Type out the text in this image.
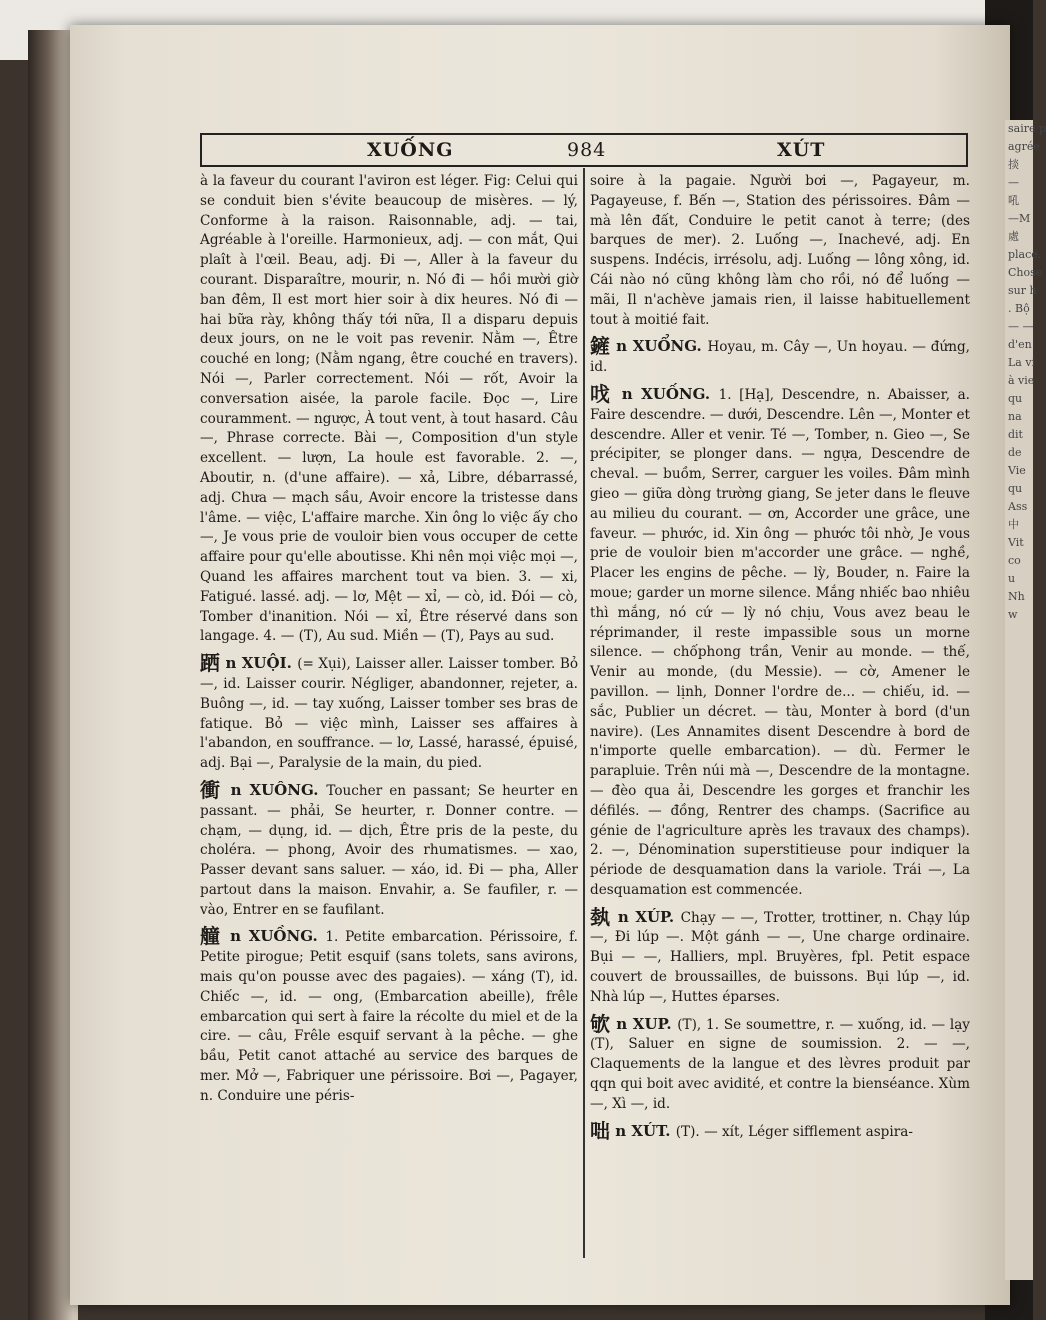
saire p
agrée
掞
—
吼
—M
處
place.
Chose
sur h
. Bộ
— —
d'en
La vi
à vie
qu
na
dit
de
Vie
qu
Ass
中
Vit
co
u
Nh
w
XUỐNG	984	XÚT

à la faveur du courant l'aviron est léger. Fig: Celui qui se conduit bien s'évite beaucoup de misères. — lý, Conforme à la raison. Raisonnable, adj. — tai, Agréable à l'oreille. Harmonieux, adj. — con mắt, Qui plaît à l'œil. Beau, adj. Đi —, Aller à la faveur du courant. Disparaître, mourir, n. Nó đi — hồi mười giờ ban đêm, Il est mort hier soir à dix heures. Nó đi — hai bữa rày, không thấy tới nữa, Il a disparu depuis deux jours, on ne le voit pas revenir. Nằm —, Être couché en long; (Nằm ngang, être couché en travers). Nói —, Parler correctement. Nói — rốt, Avoir la conversation aisée, la parole facile. Đọc —, Lire couramment. — ngược, À tout vent, à tout hasard. Câu —, Phrase correcte. Bài —, Composition d'un style excellent. — lượn, La houle est favorable. 2. —, Aboutir, n. (d'une affaire). — xả, Libre, débarrassé, adj. Chưa — mạch sầu, Avoir encore la tristesse dans l'âme. — việc, L'affaire marche. Xin ông lo việc ấy cho —, Je vous prie de vouloir bien vous occuper de cette affaire pour qu'elle aboutisse. Khi nên mọi việc mọi —, Quand les affaires marchent tout va bien. 3. — xi, Fatigué. lassé. adj. — lơ, Mệt — xỉ, — cò, id. Đói — cò, Tomber d'inanition. Nói — xỉ, Être réservé dans son langage. 4. — (T), Au sud. Miền — (T), Pays au sud.

跴 n XUỘI. (= Xụi), Laisser aller. Laisser tomber. Bỏ —, id. Laisser courir. Négliger, abandonner, rejeter, a. Buông —, id. — tay xuống, Laisser tomber ses bras de fatique. Bỏ — việc mình, Laisser ses affaires à l'abandon, en souffrance. — lơ, Lassé, harassé, épuisé, adj. Bại —, Paralysie de la main, du pied.

衝 n XUÔNG. Toucher en passant; Se heurter en passant. — phải, Se heurter, r. Donner contre. — chạm, — dụng, id. — dịch, Être pris de la peste, du choléra. — phong, Avoir des rhumatismes. — xao, Passer devant sans saluer. — xáo, id. Đi — pha, Aller partout dans la maison. Envahir, a. Se faufiler, r. — vào, Entrer en se faufilant.

艟 n XUỒNG. 1. Petite embarcation. Périssoire, f. Petite pirogue; Petit esquif (sans tolets, sans avirons, mais qu'on pousse avec des pagaies). — xáng (T), id. Chiếc —, id. — ong, (Embarcation abeille), frêle embarcation qui sert à faire la récolte du miel et de la cire. — câu, Frêle esquif servant à la pêche. — ghe bầu, Petit canot attaché au service des barques de mer. Mở —, Fabriquer une périssoire. Bơi —, Pagayer, n. Conduire une péris-

soire à la pagaie. Người bơi —, Pagayeur, m. Pagayeuse, f. Bến —, Station des périssoires. Đâm — mà lên đất, Conduire le petit canot à terre; (des barques de mer). 2. Luống —, Inachevé, adj. En suspens. Indécis, irrésolu, adj. Luống — lông xông, id. Cái nào nó cũng không làm cho rồi, nó để luống — mãi, Il n'achève jamais rien, il laisse habituellement tout à moitié fait.

鏟 n XUỔNG. Hoyau, m. Cây —, Un hoyau. — đứng, id.

𠯫 n XUỐNG. 1. [Hạ], Descendre, n. Abaisser, a. Faire descendre. — dưới, Descendre. Lên —, Monter et descendre. Aller et venir. Té —, Tomber, n. Gieo —, Se précipiter, se plonger dans. — ngựa, Descendre de cheval. — buồm, Serrer, carguer les voiles. Đâm mình gieo — giữa dòng trường giang, Se jeter dans le fleuve au milieu du courant. — ơn, Accorder une grâce, une faveur. — phước, id. Xin ông — phước tôi nhờ, Je vous prie de vouloir bien m'accorder une grâce. — nghề, Placer les engins de pêche. — lỳ, Bouder, n. Faire la moue; garder un morne silence. Mắng nhiếc bao nhiêu thì mắng, nó cứ — lỳ nó chịu, Vous avez beau le réprimander, il reste impassible sous un morne silence. — chốphong trần, Venir au monde. — thế, Venir au monde, (du Messie). — cờ, Amener le pavillon. — lịnh, Donner l'ordre de... — chiếu, id. — sắc, Publier un décret. — tàu, Monter à bord (d'un navire). (Les Annamites disent Descendre à bord de n'importe quelle embarcation). — dù. Fermer le parapluie. Trên núi mà —, Descendre de la montagne. — đèo qua ải, Descendre les gorges et franchir les défilés. — đồng, Rentrer des champs. (Sacrifice au génie de l'agriculture après les travaux des champs). 2. —, Dénomination superstitieuse pour indiquer la période de desquamation dans la variole. Trái —, La desquamation est commencée.

埶 n XÚP. Chạy — —, Trotter, trottiner, n. Chạy lúp —, Đi lúp —. Một gánh — —, Une charge ordinaire. Bụi — —, Halliers, mpl. Bruyères, fpl. Petit espace couvert de broussailles, de buissons. Bụi lúp —, id. Nhà lúp —, Huttes éparses.

欨 n XUP. (T), 1. Se soumettre, r. — xuống, id. — lạy (T), Saluer en signe de soumission. 2. — —, Claquements de la langue et des lèvres produit par qqn qui boit avec avidité, et contre la bienséance. Xùm —, Xì —, id.

咄 n XÚT. (T). — xít, Léger sifflement aspira-
